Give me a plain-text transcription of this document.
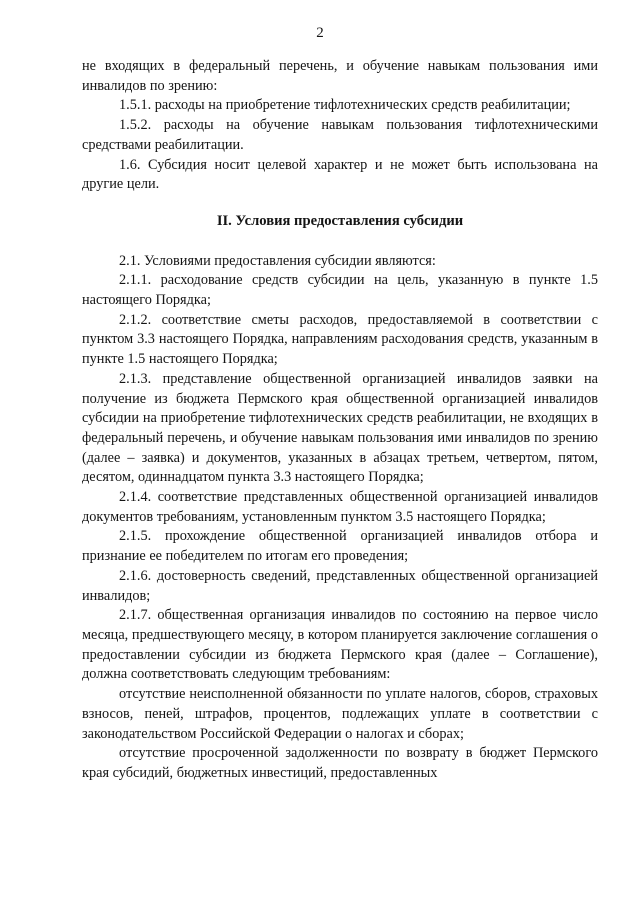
2

не входящих в федеральный перечень, и обучение навыкам пользования ими инвалидов по зрению:

1.5.1. расходы на приобретение тифлотехнических средств реабилитации;

1.5.2. расходы на обучение навыкам пользования тифлотехническими средствами реабилитации.

1.6. Субсидия носит целевой характер и не может быть использована на другие цели.

II. Условия предоставления субсидии

2.1. Условиями предоставления субсидии являются:

2.1.1. расходование средств субсидии на цель, указанную в пункте 1.5 настоящего Порядка;

2.1.2. соответствие сметы расходов, предоставляемой в соответствии с пунктом 3.3 настоящего Порядка, направлениям расходования средств, указанным в пункте 1.5 настоящего Порядка;

2.1.3. представление общественной организацией инвалидов заявки на получение из бюджета Пермского края общественной организацией инвалидов субсидии на приобретение тифлотехнических средств реабилитации, не входящих в федеральный перечень, и обучение навыкам пользования ими инвалидов по зрению (далее – заявка) и документов, указанных в абзацах третьем, четвертом, пятом, десятом, одиннадцатом пункта 3.3 настоящего Порядка;

2.1.4. соответствие представленных общественной организацией инвалидов документов требованиям, установленным пунктом 3.5 настоящего Порядка;

2.1.5. прохождение общественной организацией инвалидов отбора и признание ее победителем по итогам его проведения;

2.1.6. достоверность сведений, представленных общественной организацией инвалидов;

2.1.7. общественная организация инвалидов по состоянию на первое число месяца, предшествующего месяцу, в котором планируется заключение соглашения о предоставлении субсидии из бюджета Пермского края (далее – Соглашение), должна соответствовать следующим требованиям:

отсутствие неисполненной обязанности по уплате налогов, сборов, страховых взносов, пеней, штрафов, процентов, подлежащих уплате в соответствии с законодательством Российской Федерации о налогах и сборах;

отсутствие просроченной задолженности по возврату в бюджет Пермского края субсидий, бюджетных инвестиций, предоставленных
